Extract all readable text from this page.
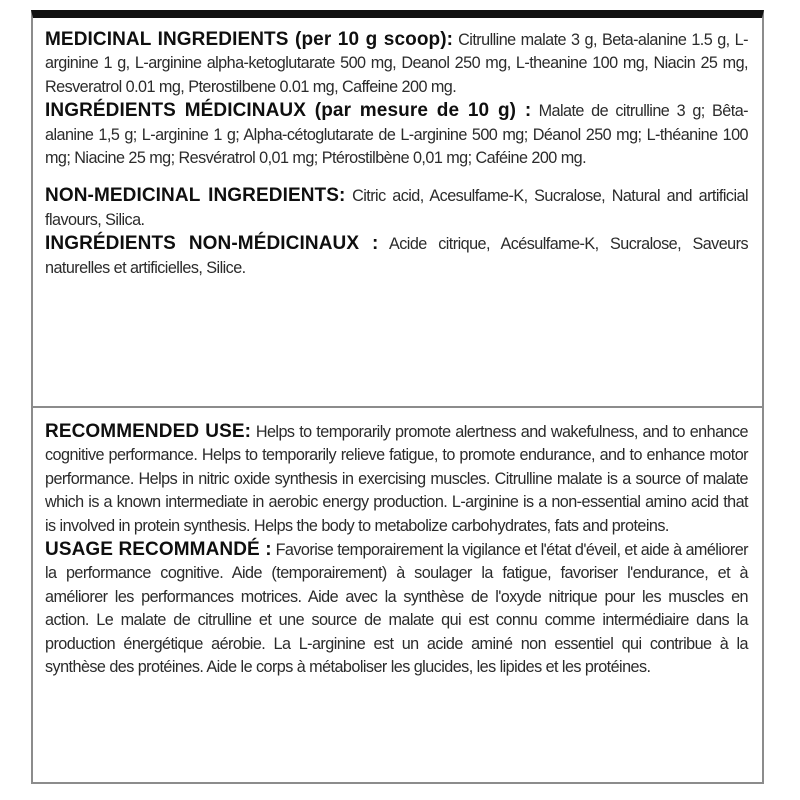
MEDICINAL INGREDIENTS (per 10 g scoop): Citrulline malate 3 g, Beta-alanine 1.5 g, L-arginine 1 g, L-arginine alpha-ketoglutarate 500 mg, Deanol 250 mg, L-theanine 100 mg, Niacin 25 mg, Resveratrol 0.01 mg, Pterostilbene 0.01 mg, Caffeine 200 mg.

INGRÉDIENTS MÉDICINAUX (par mesure de 10 g) : Malate de citrulline 3 g; Bêta-alanine 1,5 g; L-arginine 1 g; Alpha-cétoglutarate de L-arginine 500 mg; Déanol 250 mg; L-théanine 100 mg; Niacine 25 mg; Resvératrol 0,01 mg; Ptérostilbène 0,01 mg; Caféine 200 mg.

NON-MEDICINAL INGREDIENTS: Citric acid, Acesulfame-K, Sucralose, Natural and artificial flavours, Silica.

INGRÉDIENTS NON-MÉDICINAUX : Acide citrique, Acésulfame-K, Sucralose, Saveurs naturelles et artificielles, Silice.

RECOMMENDED USE: Helps to temporarily promote alertness and wakefulness, and to enhance cognitive performance. Helps to temporarily relieve fatigue, to promote endurance, and to enhance motor performance. Helps in nitric oxide synthesis in exercising muscles. Citrulline malate is a source of malate which is a known intermediate in aerobic energy production. L-arginine is a non-essential amino acid that is involved in protein synthesis. Helps the body to metabolize carbohydrates, fats and proteins.

USAGE RECOMMANDÉ : Favorise temporairement la vigilance et l'état d'éveil, et aide à améliorer la performance cognitive. Aide (temporairement) à soulager la fatigue, favoriser l'endurance, et à améliorer les performances motrices. Aide avec la synthèse de l'oxyde nitrique pour les muscles en action. Le malate de citrulline et une source de malate qui est connu comme intermédiaire dans la production énergétique aérobie. La L-arginine est un acide aminé non essentiel qui contribue à la synthèse des protéines. Aide le corps à métaboliser les glucides, les lipides et les protéines.
